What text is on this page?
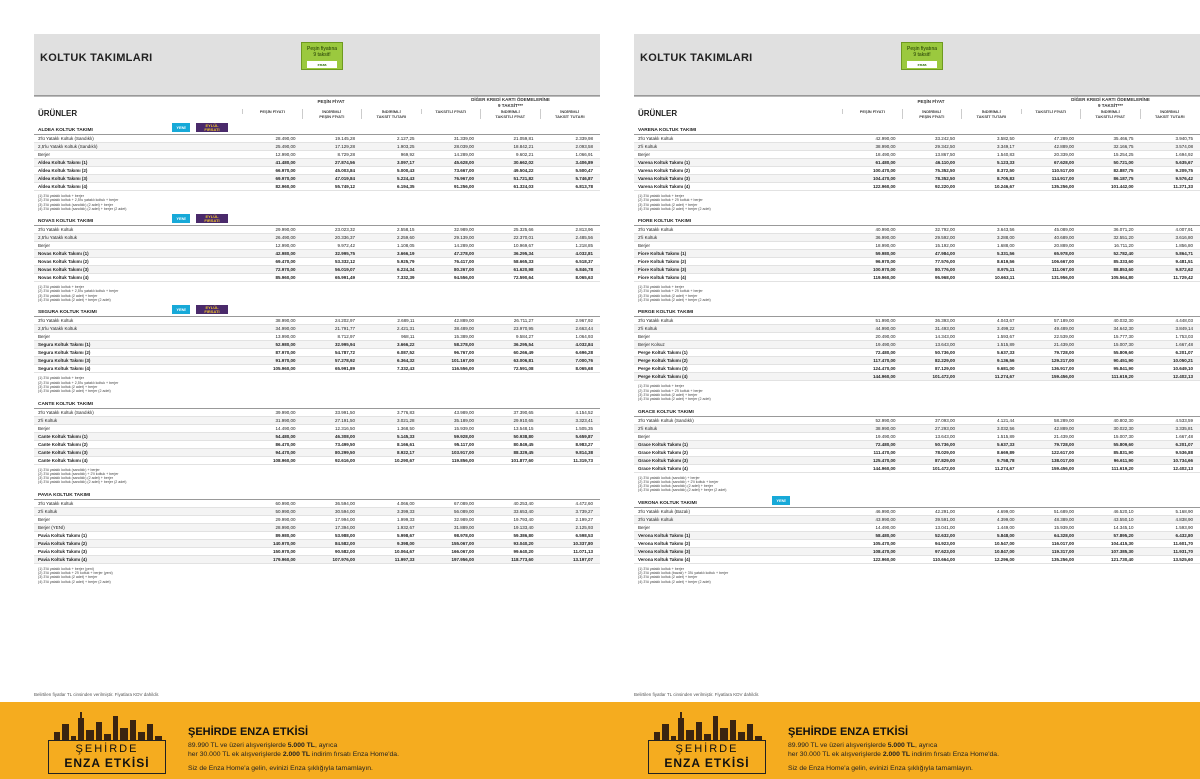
KOLTUK TAKIMLARI
Peşin fiyatına
9 taksit!
enza
ÜRÜNLER
PEŞİN FİYAT	DİĞER KREDİ KARTI ÖDEMELERİNE
9 TAKSİT***
PEŞİN FİYATI	İNDİRİMLİ
PEŞİN FİYATI
İNDİRİMLİ
TAKSİT TUTARI
TAKSİTLİ FİYATI	İNDİRİMLİ
TAKSİTLİ FİYAT
İNDİRİMLİ
TAKSİT TUTARI
ALDEA KOLTUK TAKIMI
YENİ	EYLÜL
FIRSATI
3'lü Yataklı Koltuk (Sandıklı)	28.490,00	19.145,28	2.127,25	31.339,00	21.059,81	2.339,98
2,5'lu Yataklı Koltuk (Sandıklı)	25.490,00	17.129,28	1.903,25	28.039,00	18.842,21	2.093,58
Berjer	12.990,00	8.729,28	969,92	14.289,00	9.602,21	1.066,91
Aldea Koltuk Takımı (1)	41.480,00	27.874,56	3.097,17	45.628,00	30.662,02	3.406,89
Aldea Koltuk Takımı (2)	66.970,00	45.003,84	5.000,43	73.667,00	49.504,22	5.500,47
Aldea Koltuk Takımı (3)	69.970,00	47.019,84	5.224,43	76.967,00	51.721,82	5.746,87
Aldea Koltuk Takımı (4)	82.960,00	55.749,12	6.194,35	91.256,00	61.324,03	6.813,78
(1) 3'lü yataklı koltuk + berjer
(2) 3'lü yataklı koltuk + 2,5'lu yataklı koltuk + berjer
(3) 3'lü yataklı koltuk (sandıklı) (2 adet) + berjer
(4) 3'lü yataklı koltuk (sandıklı) (2 adet) + berjer (2 adet)
NOVAS KOLTUK TAKIMI
YENİ	EYLÜL
FIRSATI
3'lü Yataklı Koltuk	29.990,00	23.023,32	2.558,15	32.989,00	25.325,66	2.813,96
2,5'lu Yataklı Koltuk	26.490,00	20.336,37	2.259,60	29.139,00	22.370,01	2.485,56
Berjer	12.990,00	9.972,42	1.108,05	14.289,00	10.969,67	1.218,85
Novas Koltuk Takımı (1)	42.980,00	32.995,75	3.666,19	47.278,00	36.295,34	4.032,81
Novas Koltuk Takımı (2)	69.470,00	53.332,12	5.925,79	76.417,00	58.665,33	6.518,37
Novas Koltuk Takımı (3)	72.970,00	56.019,07	6.224,34	80.267,00	61.620,98	6.846,78
Novas Koltuk Takımı (4)	85.960,00	65.991,49	7.332,39	94.556,00	72.590,64	8.065,63
(1) 3'lü yataklı koltuk + berjer
(2) 3'lü yataklı koltuk + 2,5'lu yataklı koltuk + berjer
(3) 3'lü yataklı koltuk (2 adet) + berjer
(4) 3'lü yataklı koltuk (2 adet) + berjer (2 adet)
SEGURA KOLTUK TAKIMI
YENİ	EYLÜL
FIRSATI
3'lü Yataklı Koltuk	38.990,00	24.202,97	2.689,11	42.889,00	26.711,27	2.967,92
2,5'lu Yataklı Koltuk	34.990,00	21.791,77	2.421,31	38.489,00	23.970,95	2.663,44
Berjer	13.990,00	8.712,97	968,11	15.389,00	9.584,27	1.064,93
Segura Koltuk Takımı (1)	52.980,00	32.995,94	3.666,22	58.278,00	36.295,54	4.032,84
Segura Koltuk Takımı (2)	87.970,00	54.787,72	6.087,52	96.767,00	60.266,49	6.696,28
Segura Koltuk Takımı (3)	91.970,00	57.278,92	6.364,32	101.167,00	63.006,81	7.000,76
Segura Koltuk Takımı (4)	105.960,00	65.991,89	7.332,43	116.556,00	72.591,08	8.065,68
(1) 3'lü yataklı koltuk + berjer
(2) 3'lü yataklı koltuk + 2,5'lu yataklı koltuk + berjer
(3) 3'lü yataklı koltuk (2 adet) + berjer
(4) 3'lü yataklı koltuk (2 adet) + berjer (2 adet)
CANTE KOLTUK TAKIMI
3'lü Yataklı Koltuk (Sandıklı)	39.990,00	33.991,50	3.776,83	43.989,00	37.390,65	4.154,52
2'li Koltuk	31.990,00	27.191,50	3.021,28	35.189,00	29.910,65	3.323,41
Berjer	14.490,00	12.316,50	1.368,50	15.939,00	13.548,15	1.505,35
Cante Koltuk Takımı (1)	54.480,00	46.308,00	5.145,33	59.928,00	50.938,80	5.659,87
Cante Koltuk Takımı (2)	86.470,00	73.499,50	8.166,61	95.117,00	80.849,45	8.983,27
Cante Koltuk Takımı (3)	94.470,00	80.299,50	8.922,17	103.917,00	88.329,45	9.814,38
Cante Koltuk Takımı (4)	108.960,00	92.616,00	10.290,67	119.856,00	101.877,60	11.319,73
(1) 3'lü yataklı koltuk (sandıklı) + berjer
(2) 3'lü yataklı koltuk (sandıklı) + 2'li koltuk + berjer
(3) 3'lü yataklı koltuk (sandıklı) (2 adet) + berjer
(4) 3'lü yataklı koltuk (sandıklı) (2 adet) + berjer (2 adet)
PAVIA KOLTUK TAKIMI
3'lü Yataklı Koltuk	60.990,00	36.594,00	4.066,00	67.089,00	40.253,40	4.472,60
2'li Koltuk	50.990,00	30.594,00	3.399,33	56.089,00	33.653,40	3.739,27
Berjer	29.990,00	17.994,00	1.999,33	32.989,00	19.793,40	2.199,27
Berjer (YENİ)	28.990,00	17.394,00	1.932,67	31.889,00	19.133,40	2.125,93
Pavia Koltuk Takımı (1)	89.980,00	53.988,00	5.998,67	98.978,00	59.386,80	6.598,53
Pavia Koltuk Takımı (2)	140.970,00	84.582,00	9.398,00	155.067,00	93.040,20	10.337,80
Pavia Koltuk Takımı (3)	150.970,00	90.582,00	10.064,67	166.067,00	99.640,20	11.071,13
Pavia Koltuk Takımı (4)	179.960,00	107.976,00	11.997,33	197.956,00	118.773,60	13.197,07
(1) 3'lü yataklı koltuk + berjer (yeni)
(2) 3'lü yataklı koltuk + 2'li koltuk + berjer (yeni)
(3) 3'lü yataklı koltuk (2 adet) + berjer
(4) 3'lü yataklı koltuk (2 adet) + berjer (2 adet)
KOLTUK TAKIMLARI
Peşin fiyatına
9 taksit!
enza
ÜRÜNLER
PEŞİN FİYAT	DİĞER KREDİ KARTI ÖDEMELERİNE
9 TAKSİT***
PEŞİN FİYATI	İNDİRİMLİ
PEŞİN FİYATI
İNDİRİMLİ
TAKSİT TUTARI
TAKSİTLİ FİYATI	İNDİRİMLİ
TAKSİTLİ FİYAT
İNDİRİMLİ
TAKSİT TUTARI
VARENA KOLTUK TAKIMI
3'lü Yataklı Koltuk	42.990,00	33.242,50	3.582,50	47.289,00	35.466,75	3.940,75
2'li Koltuk	38.990,00	29.342,50	3.349,17	42.889,00	32.166,75	3.574,08
Berjer	18.490,00	13.867,50	1.540,83	20.339,00	15.254,25	1.694,92
Varena Koltuk Takımı (1)	61.480,00	46.110,00	5.123,33	67.628,00	50.721,00	5.635,67
Varena Koltuk Takımı (2)	100.470,00	75.352,50	8.372,50	110.517,00	82.887,75	9.209,75
Varena Koltuk Takımı (3)	104.470,00	78.352,50	8.705,83	114.917,00	86.187,75	9.576,42
Varena Koltuk Takımı (4)	122.960,00	92.220,00	10.246,67	135.256,00	101.442,00	11.271,33
(1) 3'lü yataklı koltuk + berjer
(2) 3'lü yataklı koltuk + 2'li koltuk + berjer
(3) 3'lü yataklı koltuk (2 adet) + berjer
(4) 3'lü yataklı koltuk (2 adet) + berjer (2 adet)
FIORE KOLTUK TAKIMI
3'lü Yataklı Koltuk	40.990,00	32.792,00	3.643,56	45.089,00	36.071,20	4.007,91
2'li Koltuk	36.990,00	29.592,00	3.288,00	40.689,00	32.551,20	3.616,80
Berjer	18.990,00	15.192,00	1.688,00	20.889,00	16.711,20	1.856,80
Fiore Koltuk Takımı (1)	59.980,00	47.984,00	5.331,56	65.978,00	52.782,40	5.864,71
Fiore Koltuk Takımı (2)	96.970,00	77.576,00	8.619,56	106.667,00	85.333,60	9.481,51
Fiore Koltuk Takımı (3)	100.970,00	80.776,00	8.975,11	111.067,00	88.853,60	9.872,62
Fiore Koltuk Takımı (4)	119.960,00	95.968,00	10.663,11	131.956,00	105.564,80	11.729,42
(1) 3'lü yataklı koltuk + berjer
(2) 3'lü yataklı koltuk + 2'li koltuk + berjer
(3) 3'lü yataklı koltuk (2 adet) + berjer
(4) 3'lü yataklı koltuk (2 adet) + berjer (2 adet)
PERGE KOLTUK TAKIMI
3'lü Yataklı Koltuk	51.990,00	36.393,00	4.043,67	57.189,00	40.032,30	4.448,03
2'li Koltuk	44.990,00	31.493,00	3.499,22	49.489,00	34.642,30	3.849,14
Berjer	20.490,00	14.343,00	1.593,67	22.539,00	15.777,30	1.753,03
Berjer Kolsuz	19.490,00	13.643,00	1.515,89	21.439,00	15.007,30	1.667,48
Perge Koltuk Takımı (1)	72.480,00	50.736,00	5.637,33	79.728,00	55.809,60	6.201,07
Perge Koltuk Takımı (2)	117.470,00	82.229,00	9.136,56	129.217,00	90.451,90	10.050,21
Perge Koltuk Takımı (3)	124.470,00	87.129,00	9.681,00	136.917,00	95.841,90	10.649,10
Perge Koltuk Takımı (4)	144.960,00	101.472,00	11.274,67	159.456,00	111.619,20	12.402,13
(1) 3'lü yataklı koltuk + berjer
(2) 3'lü yataklı koltuk + 2'li koltuk + berjer
(3) 3'lü yataklı koltuk (2 adet) + berjer
(4) 3'lü yataklı koltuk (2 adet) + berjer (2 adet)
GRACE KOLTUK TAKIMI
3'lü Yataklı Koltuk (Sandıklı)	52.990,00	37.093,00	4.121,44	58.289,00	40.802,30	4.533,59
2'li Koltuk	38.990,00	27.293,00	3.032,56	42.889,00	30.022,30	3.335,81
Berjer	19.490,00	13.643,00	1.515,89	21.439,00	15.007,30	1.667,48
Grace Koltuk Takımı (1)	72.480,00	50.736,00	5.637,33	79.728,00	55.809,60	6.201,07
Grace Koltuk Takımı (2)	111.470,00	78.029,00	8.669,89	122.617,00	85.831,90	9.536,88
Grace Koltuk Takımı (3)	125.470,00	87.829,00	9.758,78	138.017,00	96.611,90	10.734,66
Grace Koltuk Takımı (4)	144.960,00	101.472,00	11.274,67	159.456,00	111.619,20	12.402,13
(1) 3'lü yataklı koltuk (sandıklı) + berjer
(2) 3'lü yataklı koltuk (sandıklı) + 2'li koltuk + berjer
(3) 3'lü yataklı koltuk (sandıklı) (2 adet) + berjer
(4) 3'lü yataklı koltuk (sandıklı) (2 adet) + berjer (2 adet)
VERONA KOLTUK TAKIMI
YENİ
3'lü Yataklı Koltuk (Bazalı)	46.990,00	42.291,00	4.699,00	51.689,00	46.520,10	5.168,90
3'lü Yataklı Koltuk	43.990,00	39.591,00	4.399,00	48.389,00	43.550,10	4.838,90
Berjer	14.490,00	13.041,00	1.449,00	15.939,00	14.345,10	1.593,90
Verona Koltuk Takımı (1)	58.480,00	52.632,00	5.848,00	64.328,00	57.895,20	6.432,80
Verona Koltuk Takımı (2)	105.470,00	94.923,00	10.547,00	116.017,00	104.415,30	11.601,70
Verona Koltuk Takımı (3)	108.470,00	97.623,00	10.847,00	119.317,00	107.385,30	11.931,70
Verona Koltuk Takımı (4)	122.960,00	110.664,00	12.296,00	135.256,00	121.730,40	13.525,60
(1) 3'lü yataklı koltuk + berjer
(2) 3'lü yataklı koltuk (bazalı) + 3'lü yataklı koltuk + berjer
(3) 3'lü yataklı koltuk (2 adet) + berjer
(4) 3'lü yataklı koltuk (2 adet) + berjer (2 adet)
Belirtilen fiyatlar TL cinsinden verilmiştir. Fiyatlara KDV dahildir.	Belirtilen fiyatlar TL cinsinden verilmiştir. Fiyatlara KDV dahildir.
ŞEHİRDE
ENZA ETKİSİ
ŞEHİRDE ENZA ETKİSİ
89.990 TL ve üzeri alışverişlerde 5.000 TL, ayrıca
her 30.000 TL ek alışverişlerde 2.000 TL indirim fırsatı Enza Home'da.
Siz de Enza Home'a gelin, evinizi Enza şıklığıyla tamamlayın.
ŞEHİRDE
ENZA ETKİSİ
ŞEHİRDE ENZA ETKİSİ
89.990 TL ve üzeri alışverişlerde 5.000 TL, ayrıca
her 30.000 TL ek alışverişlerde 2.000 TL indirim fırsatı Enza Home'da.
Siz de Enza Home'a gelin, evinizi Enza şıklığıyla tamamlayın.
